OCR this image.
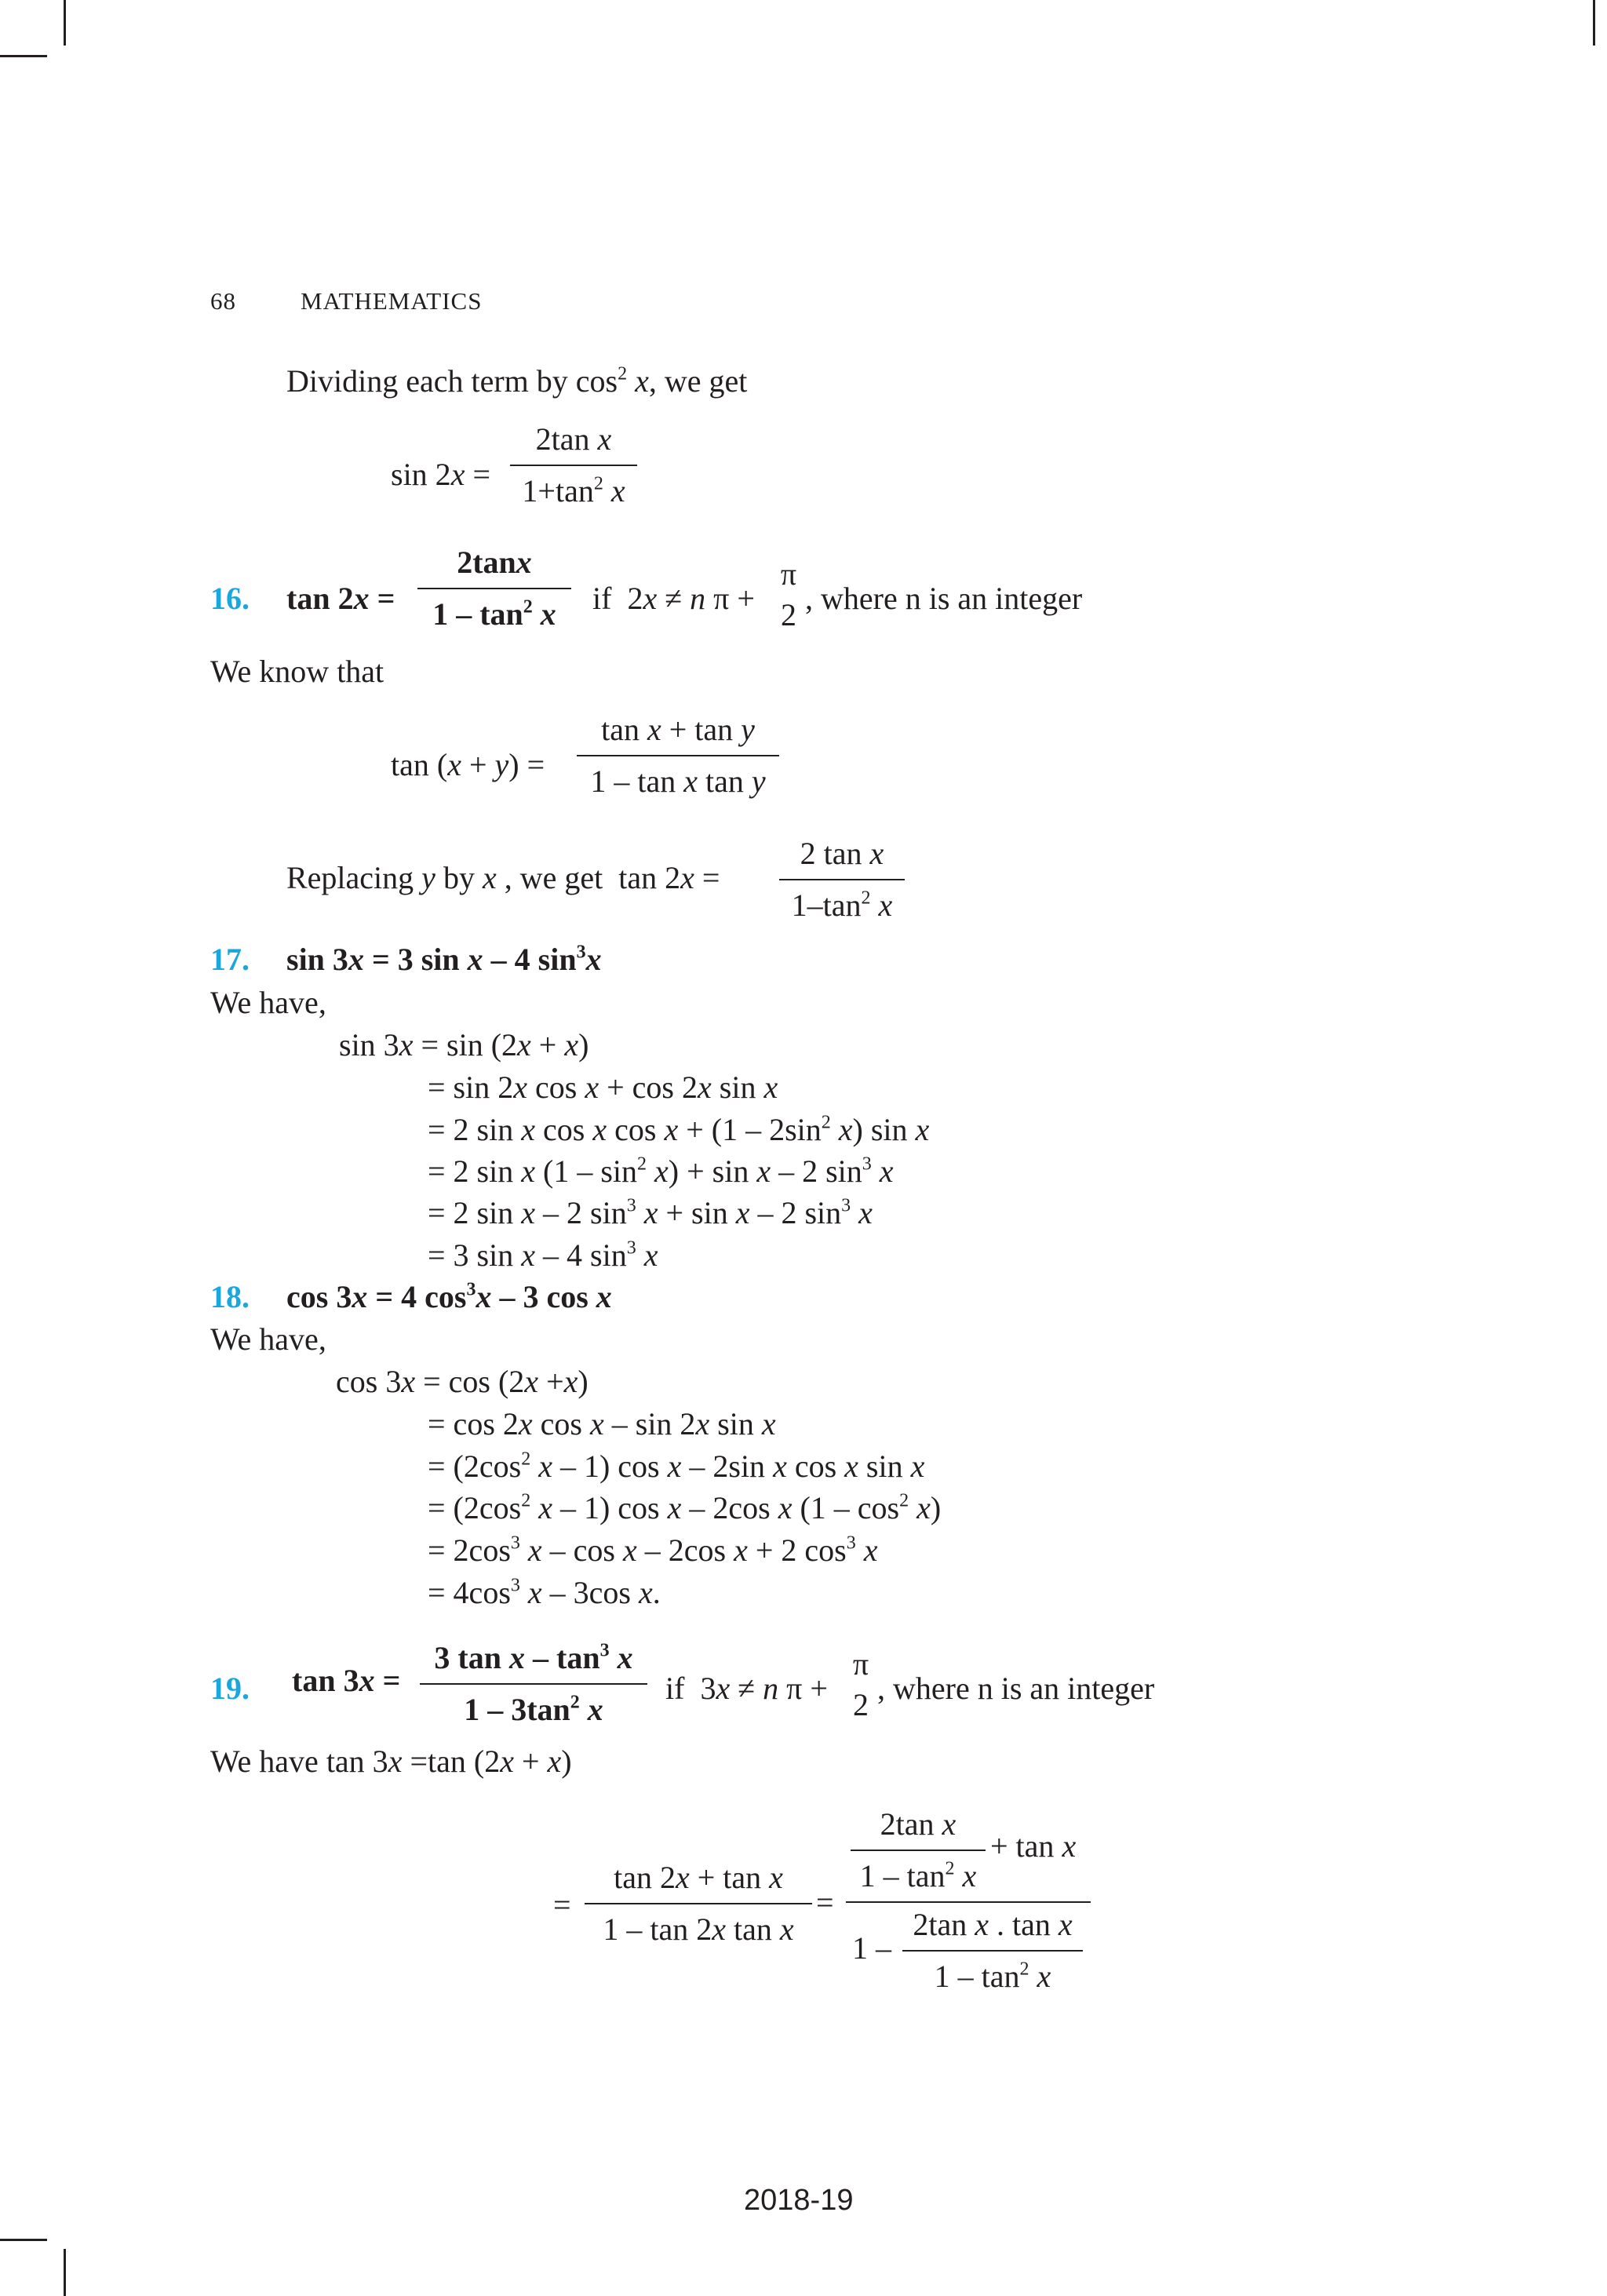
68	MATHEMATICS
Dividing each term by $\cos^2 x$, we get
sin 2x =
2tan x
$1+\tan^2$ x
16. tan 2x =
2tanx
$1 - \tan^2 x$	if 2x ≠ n π +
π
2 , where n is an integer
We know that
tan (x + y) =
tan x + tan y
1 – tan x tan y
Replacing y by x , we get tan 2x =
2 tan x
$1-\tan^2$ x
17. sin 3x = 3 sin x – 4 $\sin^3x$
We have,
sin 3x = sin (2x + x)
= sin 2x cos x + cos 2x sin x
= 2 sin x cos x $\cos x + (1 - 2\sin^2$ x) sin x
= 2 sin x $(1 - \sin^2 x) + \sin x - 2$ $\sin^3 x$
= 2 sin x – 2 $\sin^3 x + \sin x - 2$ $\sin^3 x$
= 3 sin x – 4 $\sin^3 x$
18. cos 3x = 4 $\cos^3x - 3$ cos x
We have,
cos 3x = cos (2x +x)
= cos 2x cos x – sin 2x sin x
= ($2\cos^2$ x – 1) cos x – 2sin x cos x sin x
= ($2\cos^2$ x – 1) cos x – 2cos x $(1 - \cos^2 x)$
= $2\cos^3$ x – cos x – 2cos x + 2 $\cos^3 x$
= $4\cos^3$ x – 3cos x.
19. tan 3x =
3 tan x – $\tan^3 x$
$1 - 3\tan^2$ x
if 3x ≠ n π +
π
2 , where n is an integer
We have tan 3x =tan (2x + x)
=
tan 2x + tan x
1 – tan 2x tan x
=
2tan x
$1 - \tan^2 x$
+ tan x
1 –
2tan x . tan x
$1 - \tan^2 x$
2018-19
